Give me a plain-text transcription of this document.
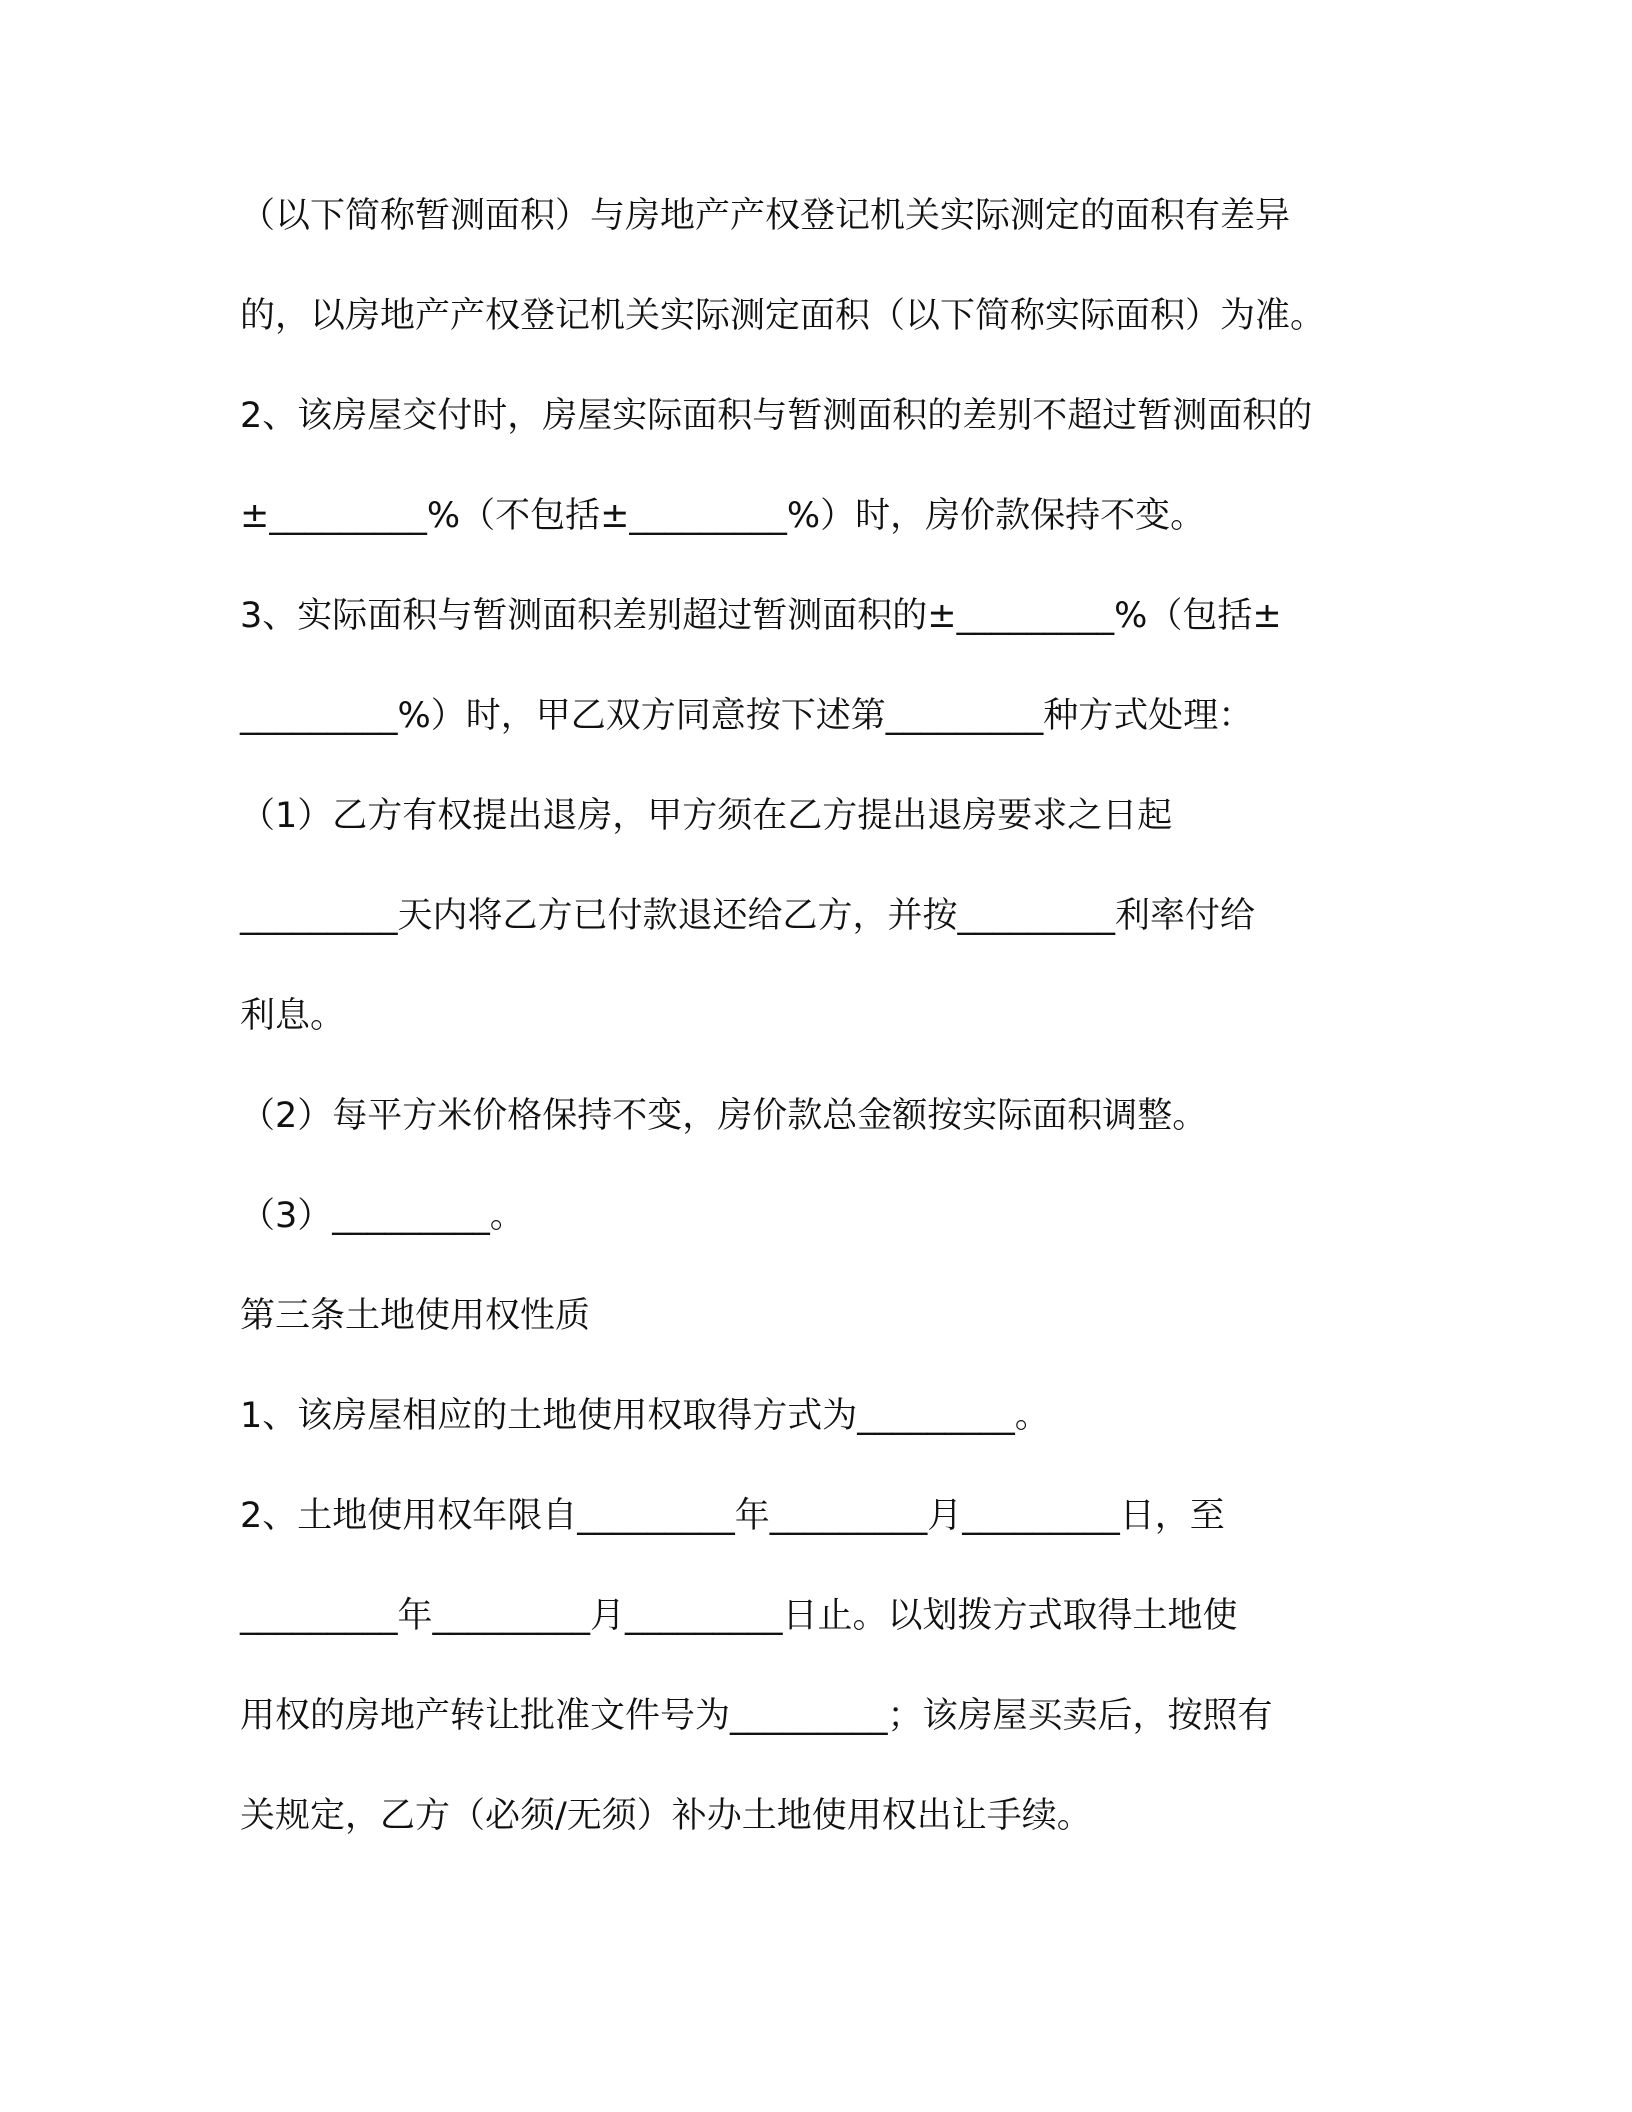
（以下简称暂测面积）与房地产产权登记机关实际测定的面积有差异
的，以房地产产权登记机关实际测定面积（以下简称实际面积）为准。
2、该房屋交付时，房屋实际面积与暂测面积的差别不超过暂测面积的
±_________%（不包括±_________%）时，房价款保持不变。
3、实际面积与暂测面积差别超过暂测面积的±_________%（包括±
_________%）时，甲乙双方同意按下述第_________种方式处理：
（1）乙方有权提出退房，甲方须在乙方提出退房要求之日起
_________天内将乙方已付款退还给乙方，并按_________利率付给
利息。
（2）每平方米价格保持不变，房价款总金额按实际面积调整。
（3）_________。
第三条土地使用权性质
1、该房屋相应的土地使用权取得方式为_________。
2、土地使用权年限自_________年_________月_________日，至
_________年_________月_________日止。以划拨方式取得土地使
用权的房地产转让批准文件号为_________；该房屋买卖后，按照有
关规定，乙方（必须/无须）补办土地使用权出让手续。
